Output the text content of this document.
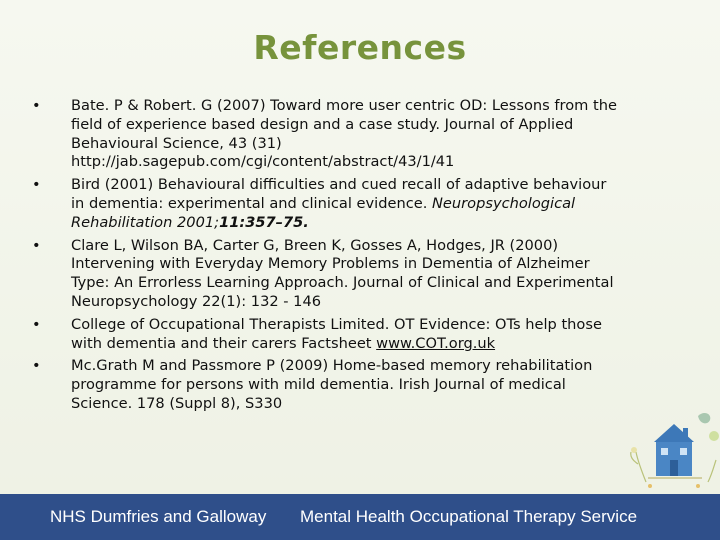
References
• Bate. P & Robert. G (2007) Toward more user centric OD: Lessons from the
field of experience based design and a case study. Journal of Applied
Behavioural Science, 43 (31)
http://jab.sagepub.com/cgi/content/abstract/43/1/41
• Bird (2001) Behavioural difficulties and cued recall of adaptive behaviour
in dementia: experimental and clinical evidence. Neuropsychological
Rehabilitation 2001;11:357–75.
• Clare L, Wilson BA, Carter G, Breen K, Gosses A, Hodges, JR (2000)
Intervening with Everyday Memory Problems in Dementia of Alzheimer
Type: An Errorless Learning Approach. Journal of Clinical and Experimental
Neuropsychology 22(1): 132 - 146
• College of Occupational Therapists Limited. OT Evidence: OTs help those
with dementia and their carers Factsheet www.COT.org.uk
• Mc.Grath M and Passmore P (2009) Home-based memory rehabilitation
programme for persons with mild dementia. Irish Journal of medical
Science. 178 (Suppl 8), S330
NHS Dumfries and Galloway Mental Health Occupational Therapy Service
